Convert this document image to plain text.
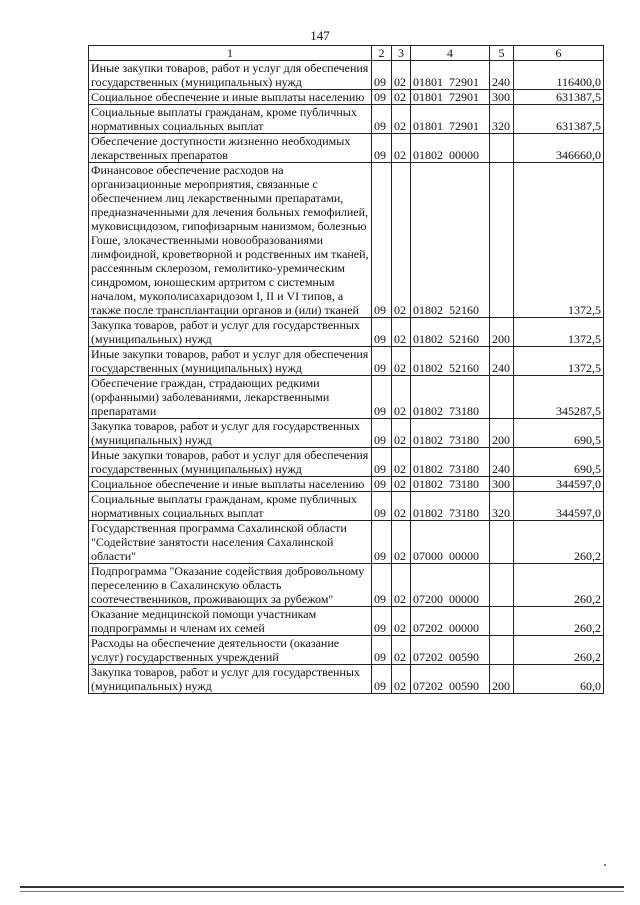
147
1	2	3	4	5	6
Иные закупки товаров, работ и услуг для обеспечения государственных (муниципальных) нужд	09	02	01801  72901	240	116400,0
Социальное обеспечение и иные выплаты населению	09	02	01801  72901	300	631387,5
Социальные выплаты гражданам, кроме публичных нормативных социальных выплат	09	02	01801  72901	320	631387,5
Обеспечение доступности жизненно необходимых лекарственных препаратов	09	02	01802  00000		346660,0
Финансовое обеспечение расходов на организационные мероприятия, связанные с обеспечением лиц лекарственными препаратами, предназначенными для лечения больных гемофилией, муковисцидозом, гипофизарным нанизмом, болезнью Гоше, злокачественными новообразованиями лимфоидной, кроветворной и родственных им тканей, рассеянным склерозом, гемолитико-уремическим синдромом, юношеским артритом с системным началом, мукополисахаридозом I, II и VI типов, а также после трансплантации органов и (или) тканей	09	02	01802  52160		1372,5
Закупка товаров, работ и услуг для государственных (муниципальных) нужд	09	02	01802  52160	200	1372,5
Иные закупки товаров, работ и услуг для обеспечения государственных (муниципальных) нужд	09	02	01802  52160	240	1372,5
Обеспечение граждан, страдающих редкими (орфанными) заболеваниями, лекарственными препаратами	09	02	01802  73180		345287,5
Закупка товаров, работ и услуг для государственных (муниципальных) нужд	09	02	01802  73180	200	690,5
Иные закупки товаров, работ и услуг для обеспечения государственных (муниципальных) нужд	09	02	01802  73180	240	690,5
Социальное обеспечение и иные выплаты населению	09	02	01802  73180	300	344597,0
Социальные выплаты гражданам, кроме публичных нормативных социальных выплат	09	02	01802  73180	320	344597,0
Государственная программа Сахалинской области "Содействие занятости населения Сахалинской области"	09	02	07000  00000		260,2
Подпрограмма "Оказание содействия добровольному переселению в Сахалинскую область соотечественников, проживающих за рубежом"	09	02	07200  00000		260,2
Оказание медицинской помощи участникам подпрограммы и членам их семей	09	02	07202  00000		260,2
Расходы на обеспечение деятельности (оказание услуг) государственных учреждений	09	02	07202  00590		260,2
Закупка товаров, работ и услуг для государственных (муниципальных) нужд	09	02	07202  00590	200	60,0
